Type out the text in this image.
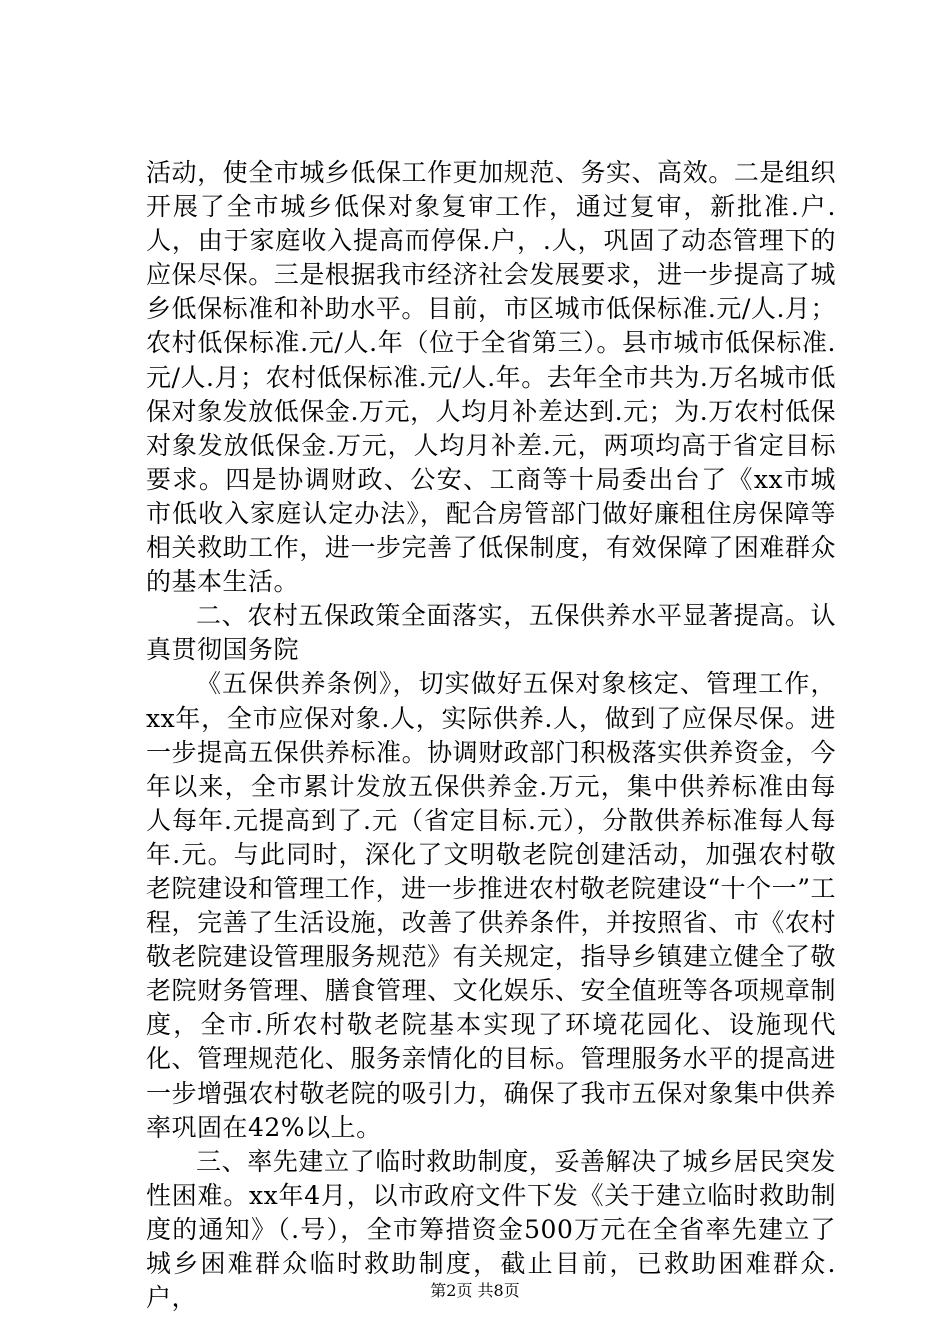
活动，使全市城乡低保工作更加规范、务实、高效。二是组织开展了全市城乡低保对象复审工作，通过复审，新批准.户.人，由于家庭收入提高而停保.户，.人，巩固了动态管理下的应保尽保。三是根据我市经济社会发展要求，进一步提高了城乡低保标准和补助水平。目前，市区城市低保标准.元/人.月；农村低保标准.元/人.年（位于全省第三）。县市城市低保标准.元/人.月；农村低保标准.元/人.年。去年全市共为.万名城市低保对象发放低保金.万元，人均月补差达到.元；为.万农村低保对象发放低保金.万元，人均月补差.元，两项均高于省定目标要求。四是协调财政、公安、工商等十局委出台了《xx市城市低收入家庭认定办法》，配合房管部门做好廉租住房保障等相关救助工作，进一步完善了低保制度，有效保障了困难群众的基本生活。

二、农村五保政策全面落实，五保供养水平显著提高。认真贯彻国务院

《五保供养条例》，切实做好五保对象核定、管理工作，xx年，全市应保对象.人，实际供养.人，做到了应保尽保。进一步提高五保供养标准。协调财政部门积极落实供养资金，今年以来，全市累计发放五保供养金.万元，集中供养标准由每人每年.元提高到了.元（省定目标.元），分散供养标准每人每年.元。与此同时，深化了文明敬老院创建活动，加强农村敬老院建设和管理工作，进一步推进农村敬老院建设“十个一”工程，完善了生活设施，改善了供养条件，并按照省、市《农村敬老院建设管理服务规范》有关规定，指导乡镇建立健全了敬老院财务管理、膳食管理、文化娱乐、安全值班等各项规章制度，全市.所农村敬老院基本实现了环境花园化、设施现代化、管理规范化、服务亲情化的目标。管理服务水平的提高进一步增强农村敬老院的吸引力，确保了我市五保对象集中供养率巩固在42%以上。

三、率先建立了临时救助制度，妥善解决了城乡居民突发性困难。xx年4月，以市政府文件下发《关于建立临时救助制度的通知》（.号），全市筹措资金500万元在全省率先建立了城乡困难群众临时救助制度，截止目前，已救助困难群众.户，	第2页 共8页
